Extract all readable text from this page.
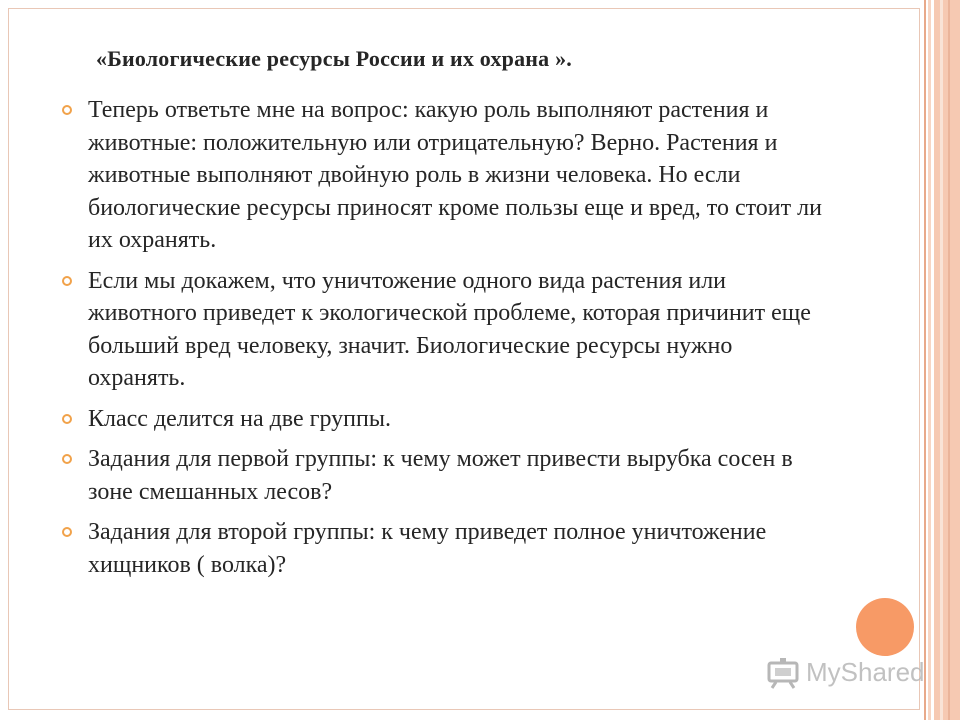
«Биологические ресурсы России и их охрана ».
Теперь ответьте мне на вопрос: какую роль выполняют растения и животные: положительную или отрицательную? Верно. Растения и животные выполняют двойную роль в жизни человека. Но если биологические ресурсы приносят кроме пользы еще и вред, то стоит ли их охранять.
Если мы докажем, что уничтожение одного вида растения или животного приведет к экологической проблеме, которая причинит еще больший вред человеку, значит. Биологические ресурсы нужно охранять.
Класс делится на две группы.
Задания для первой группы: к чему может привести вырубка сосен в зоне смешанных лесов?
Задания для второй группы: к чему приведет полное уничтожение хищников ( волка)?
MyShared
